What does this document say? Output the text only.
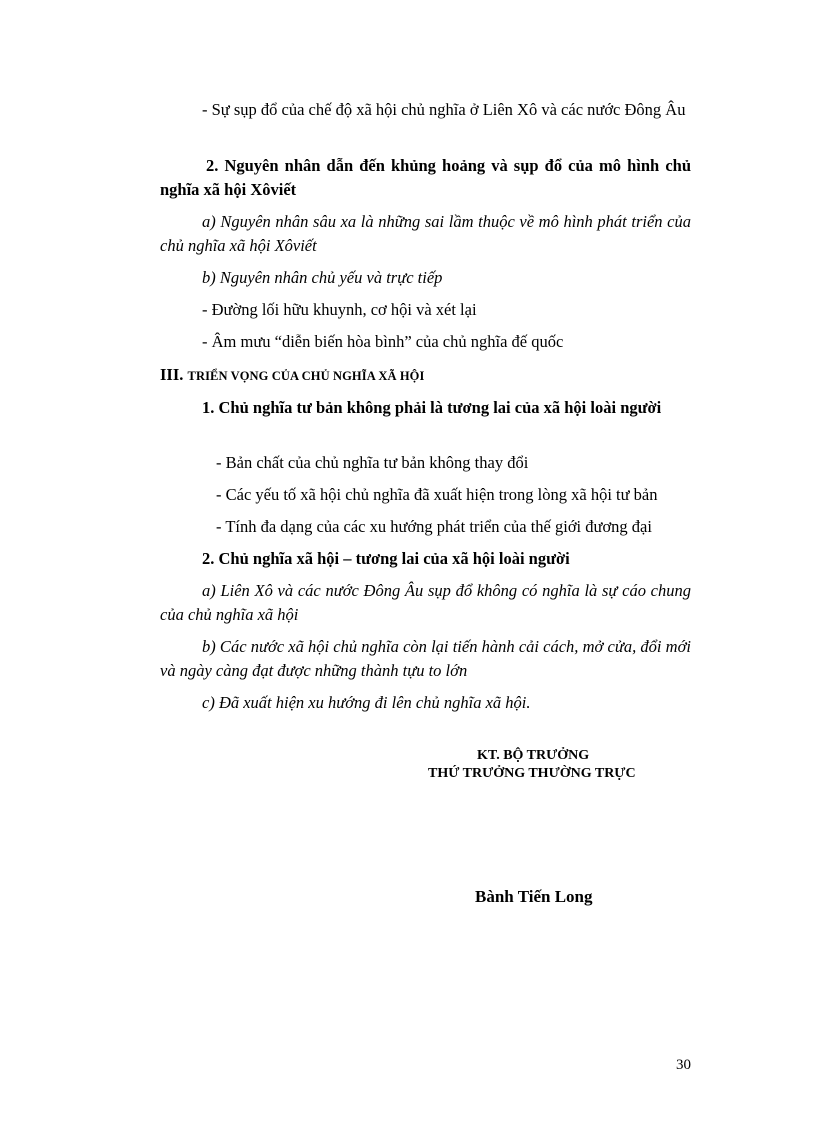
- Sự sụp đổ của chế độ xã hội chủ nghĩa ở Liên Xô và các nước Đông Âu

2. Nguyên nhân dẫn đến khủng hoảng và sụp đổ của mô hình chủ nghĩa xã hội Xôviết

a) Nguyên nhân sâu xa là những sai lầm thuộc về mô hình phát triển của chủ nghĩa xã hội Xôviết

b) Nguyên nhân chủ yếu và trực tiếp

- Đường lối hữu khuynh, cơ hội và xét lại

- Âm mưu “diễn biến hòa bình” của chủ nghĩa đế quốc

III. TRIỂN VỌNG CỦA CHỦ NGHĨA XÃ HỘI

1. Chủ nghĩa tư bản không phải là tương lai của xã hội loài người

- Bản chất của chủ nghĩa tư bản không thay đổi

- Các yếu tố xã hội chủ nghĩa đã xuất hiện trong lòng xã hội tư bản

- Tính đa dạng của các xu hướng phát triển của thế giới đương đại

2. Chủ nghĩa xã hội – tương lai của xã hội loài người

a) Liên Xô và các nước Đông Âu sụp đổ không có nghĩa là sự cáo chung của chủ nghĩa xã hội

b) Các nước xã hội chủ nghĩa còn lại tiến hành cải cách, mở cửa, đổi mới và ngày càng đạt được những thành tựu to lớn

c) Đã xuất hiện xu hướng đi lên chủ nghĩa xã hội.

KT. BỘ TRƯỞNG

THỨ TRƯỞNG THƯỜNG TRỰC

Bành Tiến Long

30
